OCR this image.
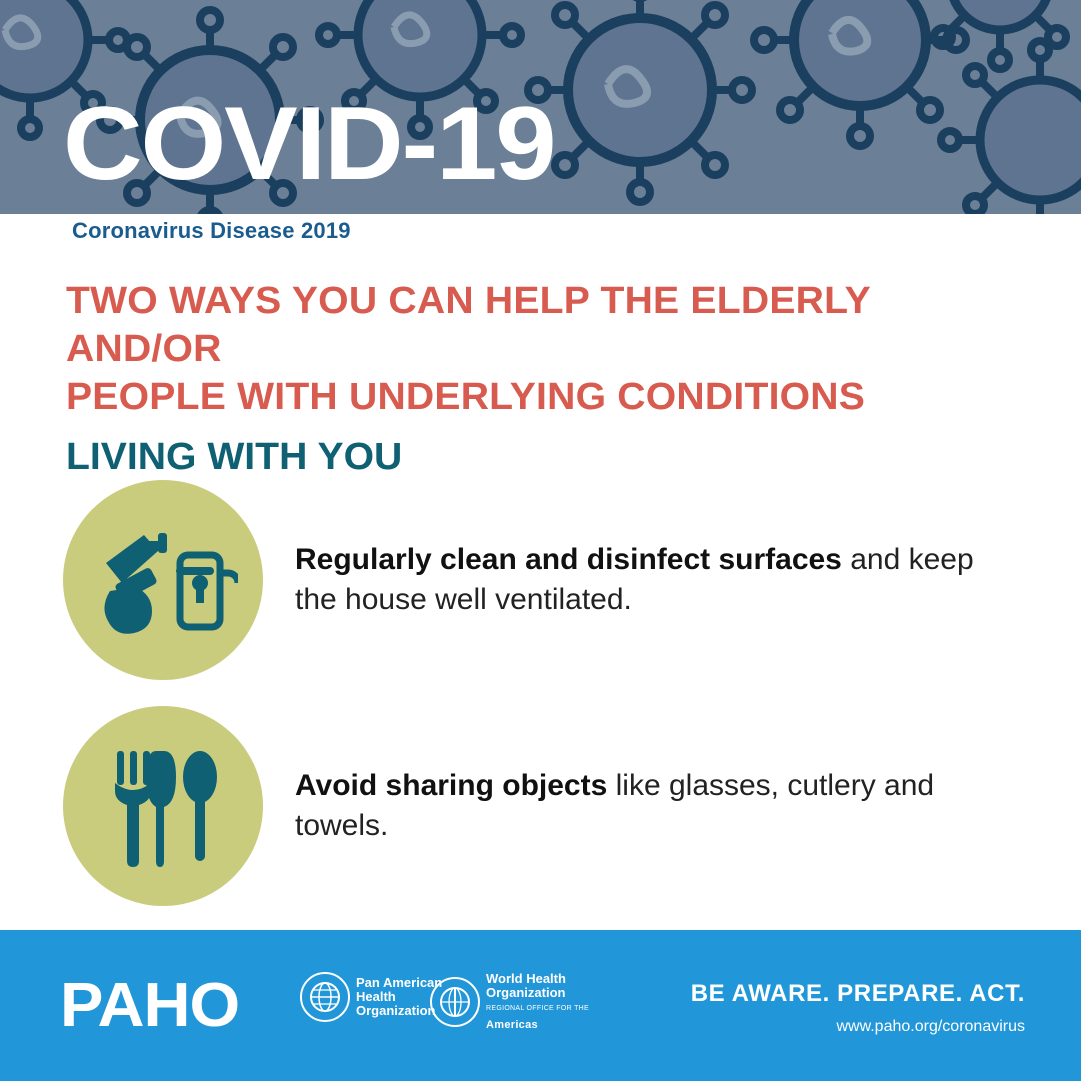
COVID-19
Coronavirus Disease 2019
TWO WAYS YOU CAN HELP THE ELDERLY AND/OR
PEOPLE WITH UNDERLYING CONDITIONS
LIVING WITH YOU
Regularly clean and disinfect surfaces and keep the house well ventilated.
Avoid sharing objects like glasses, cutlery and towels.
PAHO	Pan American
Health
Organization
World Health
Organization
REGIONAL OFFICE FOR THE
Americas
BE AWARE. PREPARE. ACT.
www.paho.org/coronavirus
